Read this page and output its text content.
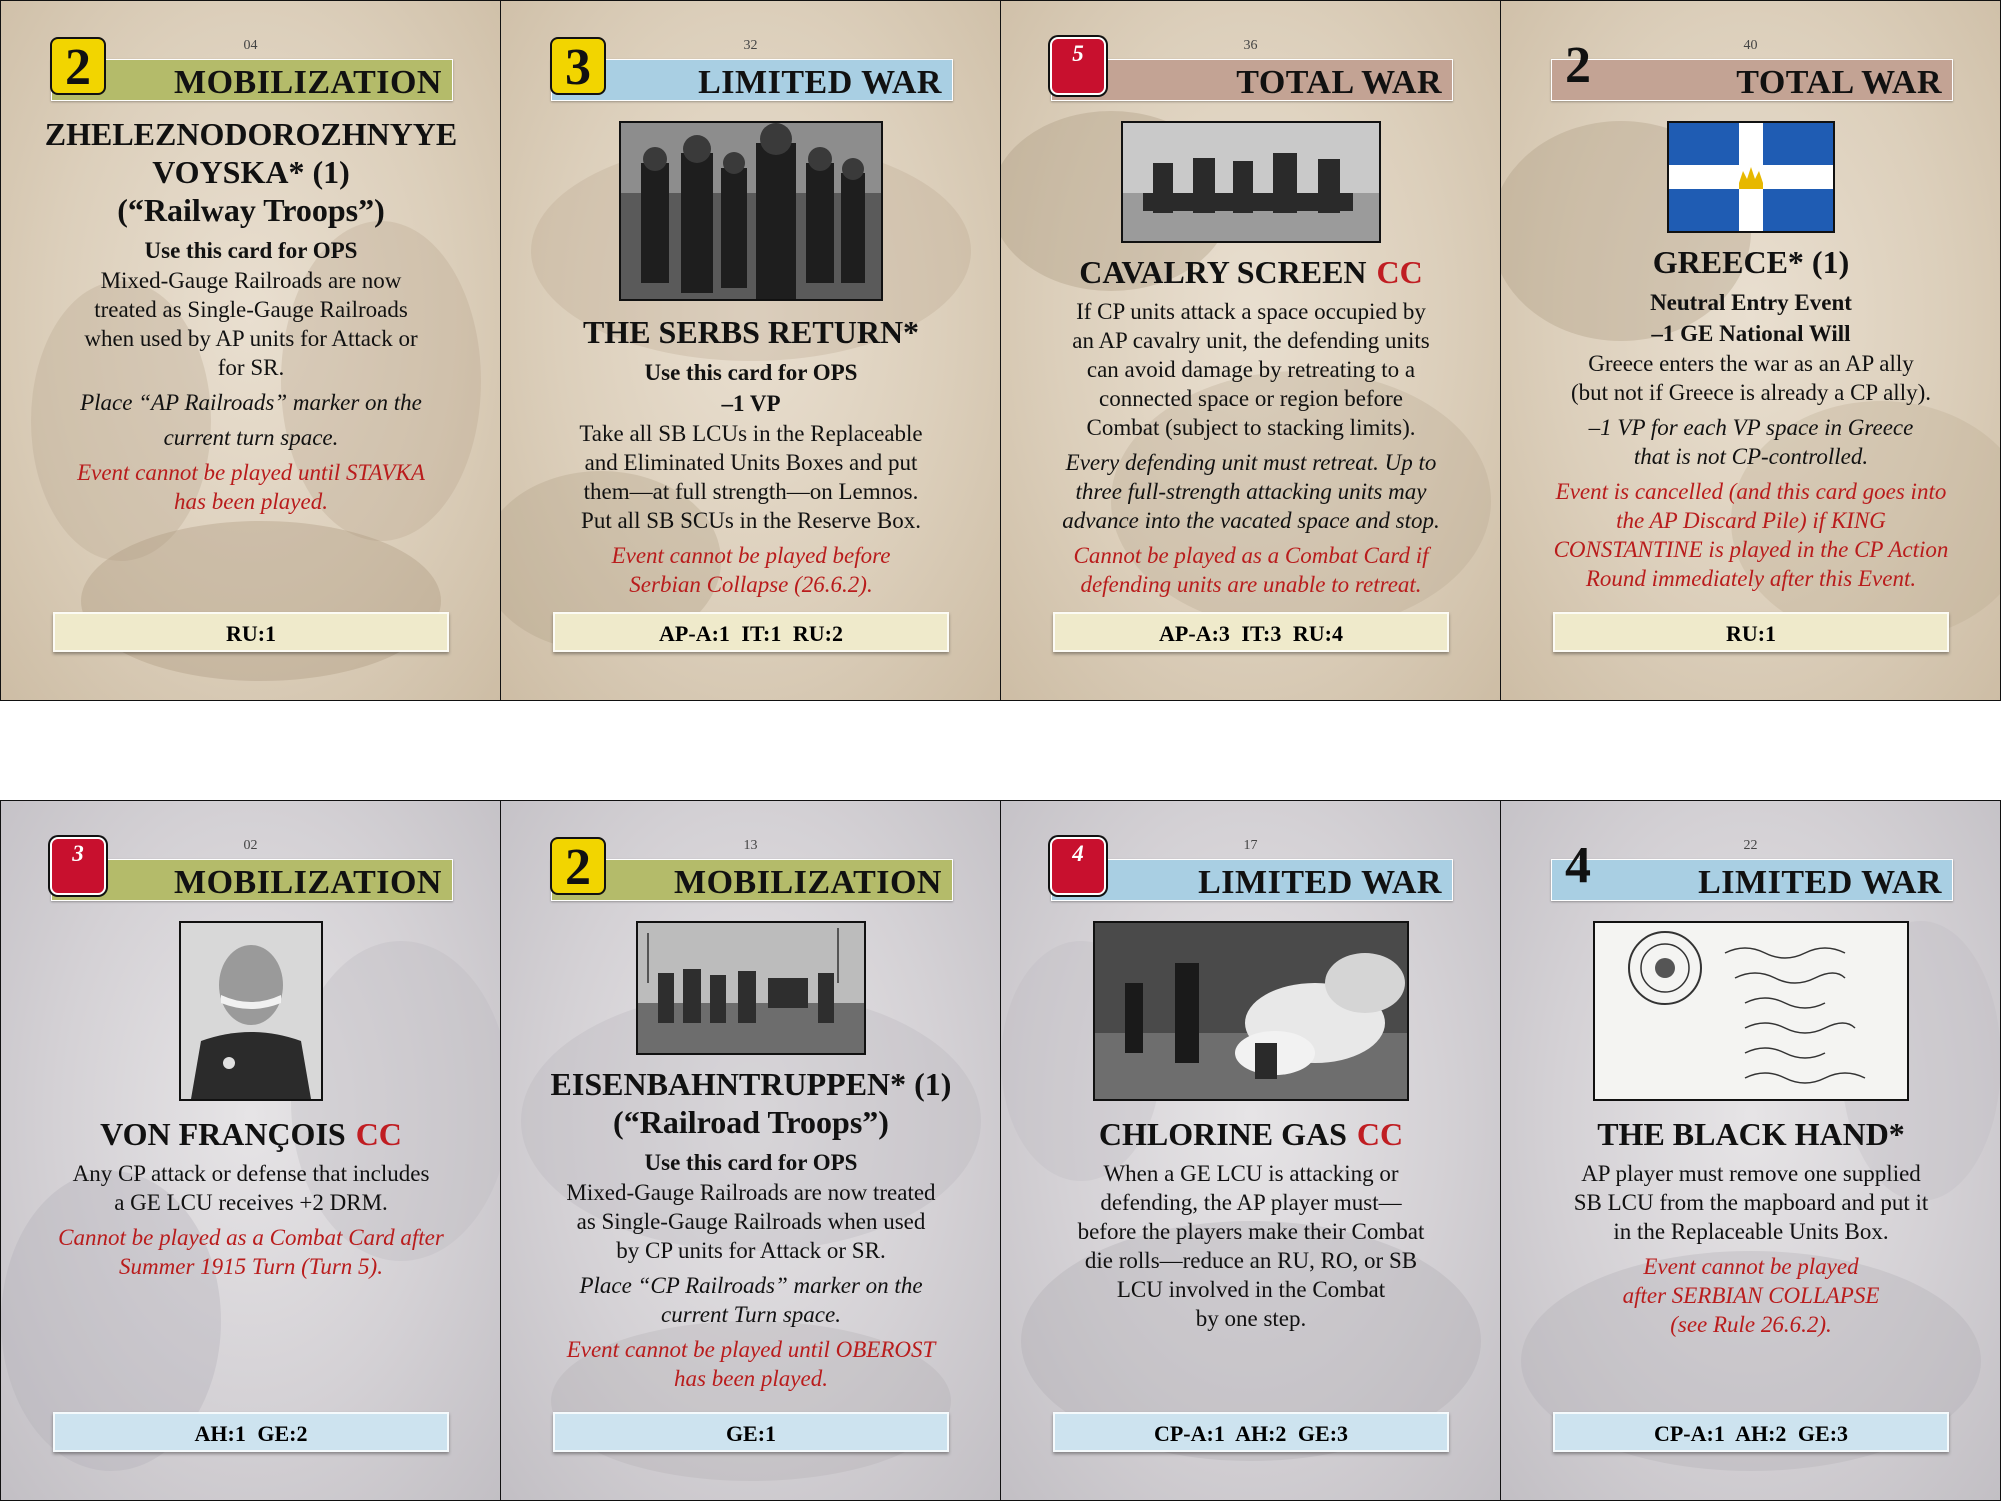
04
MOBILIZATION
2
ZHELEZNODOROZHNYYE
VOYSKA* (1)
(“Railway Troops”)
Use this card for OPS
Mixed-Gauge Railroads are now
treated as Single-Gauge Railroads
when used by AP units for Attack or
for SR.
Place “AP Railroads” marker on the
current turn space.
Event cannot be played until STAVKA
has been played.
RU:1
32
LIMITED WAR
3
THE SERBS RETURN*
Use this card for OPS
–1 VP
Take all SB LCUs in the Replaceable
and Eliminated Units Boxes and put
them—at full strength—on Lemnos.
Put all SB SCUs in the Reserve Box.
Event cannot be played before
Serbian Collapse (26.6.2).
AP-A:1 IT:1 RU:2
36
TOTAL WAR
5
CAVALRY SCREEN CC
If CP units attack a space occupied by
an AP cavalry unit, the defending units
can avoid damage by retreating to a
connected space or region before
Combat (subject to stacking limits).
Every defending unit must retreat. Up to
three full-strength attacking units may
advance into the vacated space and stop.
Cannot be played as a Combat Card if
defending units are unable to retreat.
AP-A:3 IT:3 RU:4
40
TOTAL WAR
2
GREECE* (1)
Neutral Entry Event
–1 GE National Will
Greece enters the war as an AP ally
(but not if Greece is already a CP ally).
–1 VP for each VP space in Greece
that is not CP-controlled.
Event is cancelled (and this card goes into
the AP Discard Pile) if KING
CONSTANTINE is played in the CP Action
Round immediately after this Event.
RU:1
02
MOBILIZATION
3
VON FRANÇOIS CC
Any CP attack or defense that includes
a GE LCU receives +2 DRM.
Cannot be played as a Combat Card after
Summer 1915 Turn (Turn 5).
AH:1 GE:2
13
MOBILIZATION
2
EISENBAHNTRUPPEN* (1)
(“Railroad Troops”)
Use this card for OPS
Mixed-Gauge Railroads are now treated
as Single-Gauge Railroads when used
by CP units for Attack or SR.
Place “CP Railroads” marker on the
current Turn space.
Event cannot be played until OBEROST
has been played.
GE:1
17
LIMITED WAR
4
CHLORINE GAS CC
When a GE LCU is attacking or
defending, the AP player must—
before the players make their Combat
die rolls—reduce an RU, RO, or SB
LCU involved in the Combat
by one step.
CP-A:1 AH:2 GE:3
22
LIMITED WAR
4
THE BLACK HAND*
AP player must remove one supplied
SB LCU from the mapboard and put it
in the Replaceable Units Box.
Event cannot be played
after SERBIAN COLLAPSE
(see Rule 26.6.2).
CP-A:1 AH:2 GE:3
